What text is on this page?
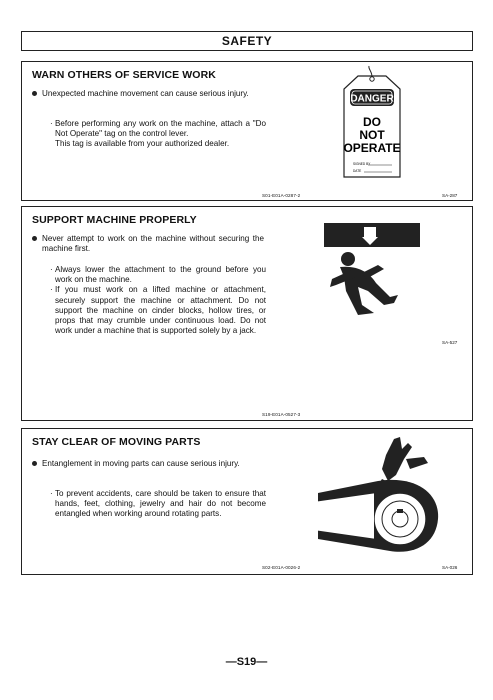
SAFETY
WARN OTHERS OF SERVICE WORK
Unexpected machine movement can cause serious injury.

· Before performing any work on the machine, attach a "Do Not Operate" tag on the control lever.

This tag is available from your authorized dealer.

DANGER
DO
NOT
OPERATE
SIGNED BY
DATE
S01-E01A-0287-2	SA-287
SUPPORT MACHINE PROPERLY
Never attempt to work on the machine without securing the machine first.

· Always lower the attachment to the ground before you work on the machine.

· If you must work on a lifted machine or attachment, securely support the machine or attachment. Do not support the machine on cinder blocks, hollow tires, or props that may crumble under continuous load. Do not work under a machine that is supported solely by a jack.

SA-527
S19-E01A-0527-3
STAY CLEAR OF MOVING PARTS
Entanglement in moving parts can cause serious injury.

· To prevent accidents, care should be taken to ensure that hands, feet, clothing, jewelry and hair do not become entangled when working around rotating parts.

S02-E01A-0026-2	SA-026
—S19—
